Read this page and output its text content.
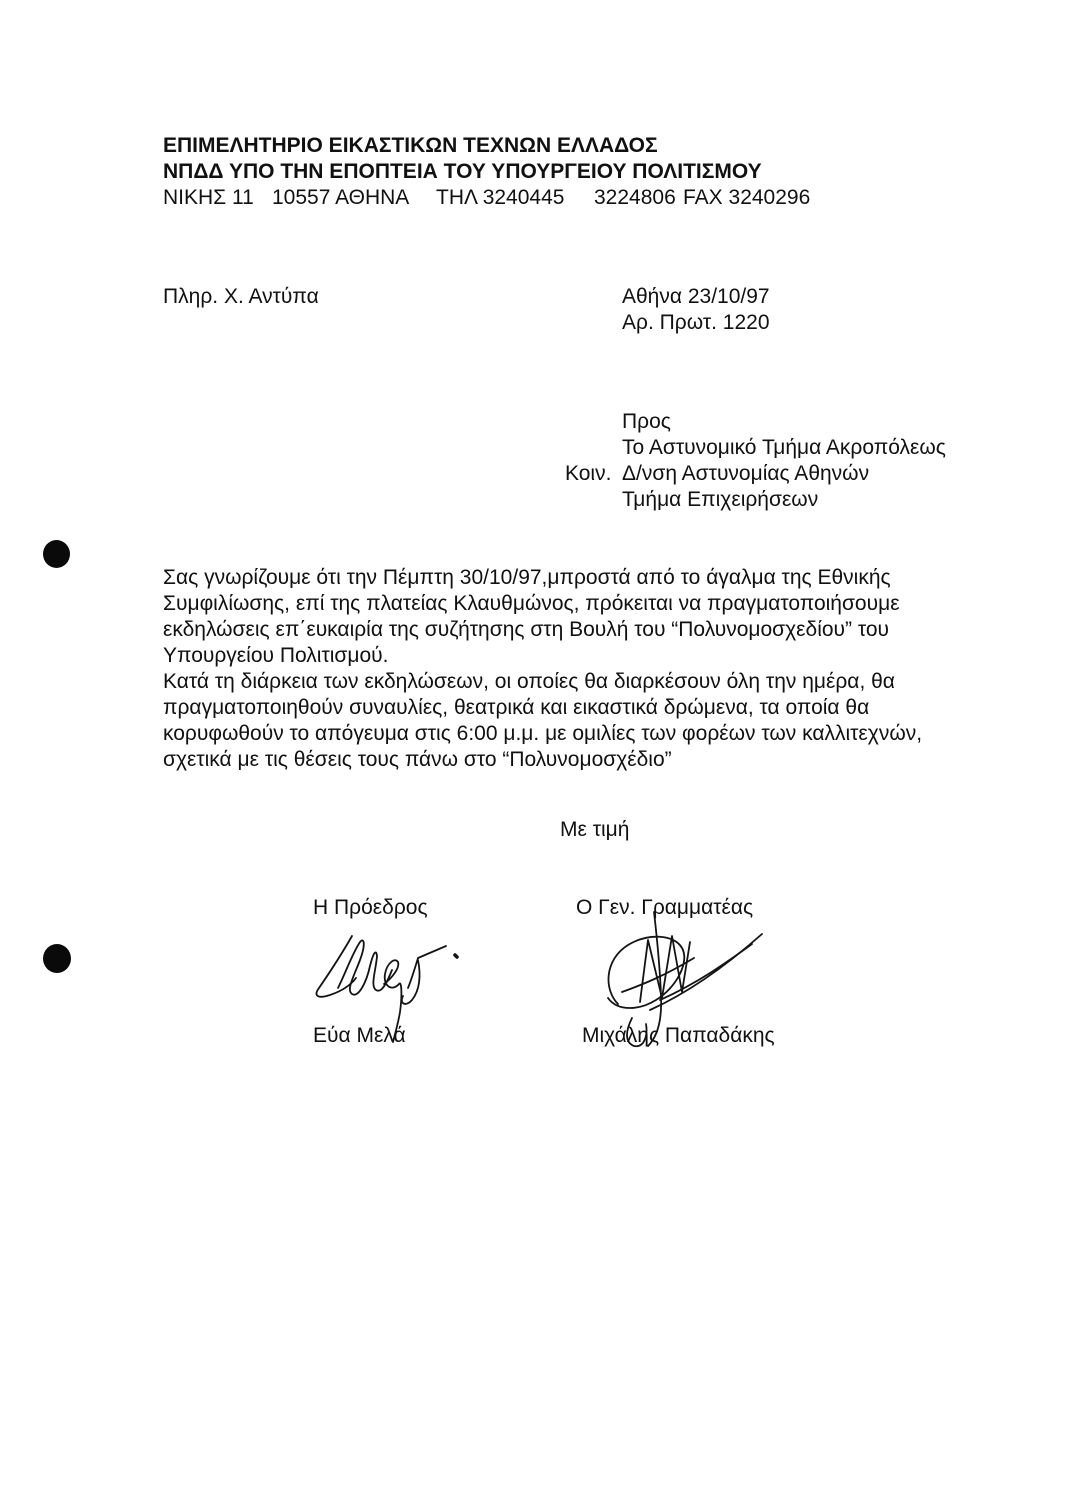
ΕΠΙΜΕΛΗΤΗΡΙΟ ΕΙΚΑΣΤΙΚΩΝ ΤΕΧΝΩΝ ΕΛΛΑΔΟΣ
ΝΠΔΔ ΥΠΟ ΤΗΝ ΕΠΟΠΤΕΙΑ ΤΟΥ ΥΠΟΥΡΓΕΙΟΥ ΠΟΛΙΤΙΣΜΟΥ
ΝΙΚΗΣ 11 10557 ΑΘΗΝΑ ΤΗΛ 3240445 3224806 FAX 3240296
Πληρ. Χ. Αντύπα	Αθήνα 23/10/97
Αρ. Πρωτ. 1220
Προς
Το Αστυνομικό Τμήμα Ακροπόλεως
Κοιν. Δ/νση Αστυνομίας Αθηνών
Τμήμα Επιχειρήσεων
Σας γνωρίζουμε ότι την Πέμπτη 30/10/97,μπροστά από το άγαλμα της Εθνικής
Συμφιλίωσης, επί της πλατείας Κλαυθμώνος, πρόκειται να πραγματοποιήσουμε
εκδηλώσεις επ΄ευκαιρία της συζήτησης στη Βουλή του “Πολυνομοσχεδίου” του
Υπουργείου Πολιτισμού.
Κατά τη διάρκεια των εκδηλώσεων, οι οποίες θα διαρκέσουν όλη την ημέρα, θα
πραγματοποιηθούν συναυλίες, θεατρικά και εικαστικά δρώμενα, τα οποία θα
κορυφωθούν το απόγευμα στις 6:00 μ.μ. με ομιλίες των φορέων των καλλιτεχνών,
σχετικά με τις θέσεις τους πάνω στο “Πολυνομοσχέδιο”
Με τιμή
Η Πρόεδρος	Ο Γεν. Γραμματέας
Εύα Μελά	Μιχάλης Παπαδάκης
